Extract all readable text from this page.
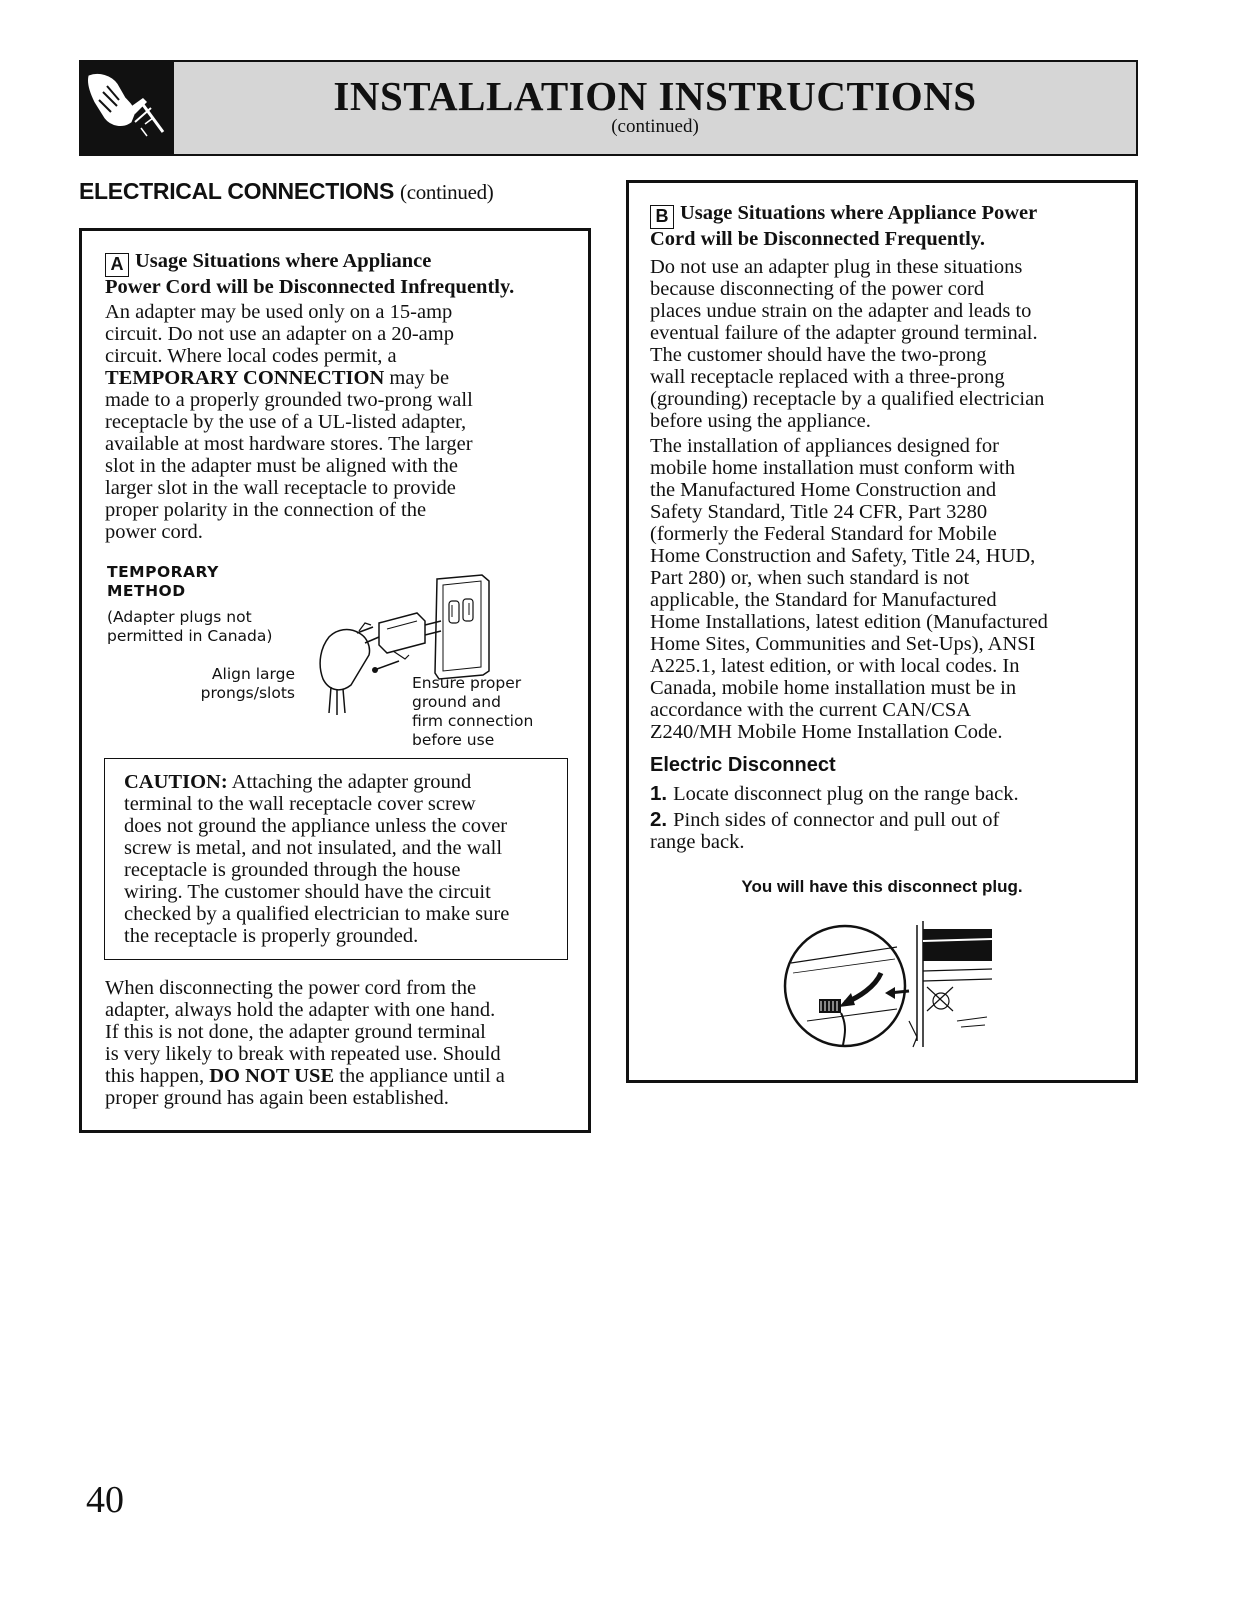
INSTALLATION INSTRUCTIONS
(continued)
ELECTRICAL CONNECTIONS (continued)
A Usage Situations where Appliance
Power Cord will be Disconnected Infrequently.
An adapter may be used only on a 15-amp
circuit. Do not use an adapter on a 20-amp
circuit. Where local codes permit, a
TEMPORARY CONNECTION may be
made to a properly grounded two-prong wall
receptacle by the use of a UL-listed adapter,
available at most hardware stores. The larger
slot in the adapter must be aligned with the
larger slot in the wall receptacle to provide
proper polarity in the connection of the
power cord.
TEMPORARY
METHOD
(Adapter plugs not
permitted in Canada)
Align large
prongs/slots
Ensure proper
ground and
firm connection
before use
CAUTION: Attaching the adapter ground
terminal to the wall receptacle cover screw
does not ground the appliance unless the cover
screw is metal, and not insulated, and the wall
receptacle is grounded through the house
wiring. The customer should have the circuit
checked by a qualified electrician to make sure
the receptacle is properly grounded.
When disconnecting the power cord from the
adapter, always hold the adapter with one hand.
If this is not done, the adapter ground terminal
is very likely to break with repeated use. Should
this happen, DO NOT USE the appliance until a
proper ground has again been established.
B Usage Situations where Appliance Power
Cord will be Disconnected Frequently.
Do not use an adapter plug in these situations
because disconnecting of the power cord
places undue strain on the adapter and leads to
eventual failure of the adapter ground terminal.
The customer should have the two-prong
wall receptacle replaced with a three-prong
(grounding) receptacle by a qualified electrician
before using the appliance.
The installation of appliances designed for
mobile home installation must conform with
the Manufactured Home Construction and
Safety Standard, Title 24 CFR, Part 3280
(formerly the Federal Standard for Mobile
Home Construction and Safety, Title 24, HUD,
Part 280) or, when such standard is not
applicable, the Standard for Manufactured
Home Installations, latest edition (Manufactured
Home Sites, Communities and Set-Ups), ANSI
A225.1, latest edition, or with local codes. In
Canada, mobile home installation must be in
accordance with the current CAN/CSA
Z240/MH Mobile Home Installation Code.
Electric Disconnect
1. Locate disconnect plug on the range back.
2. Pinch sides of connector and pull out of
range back.
You will have this disconnect plug.
40
